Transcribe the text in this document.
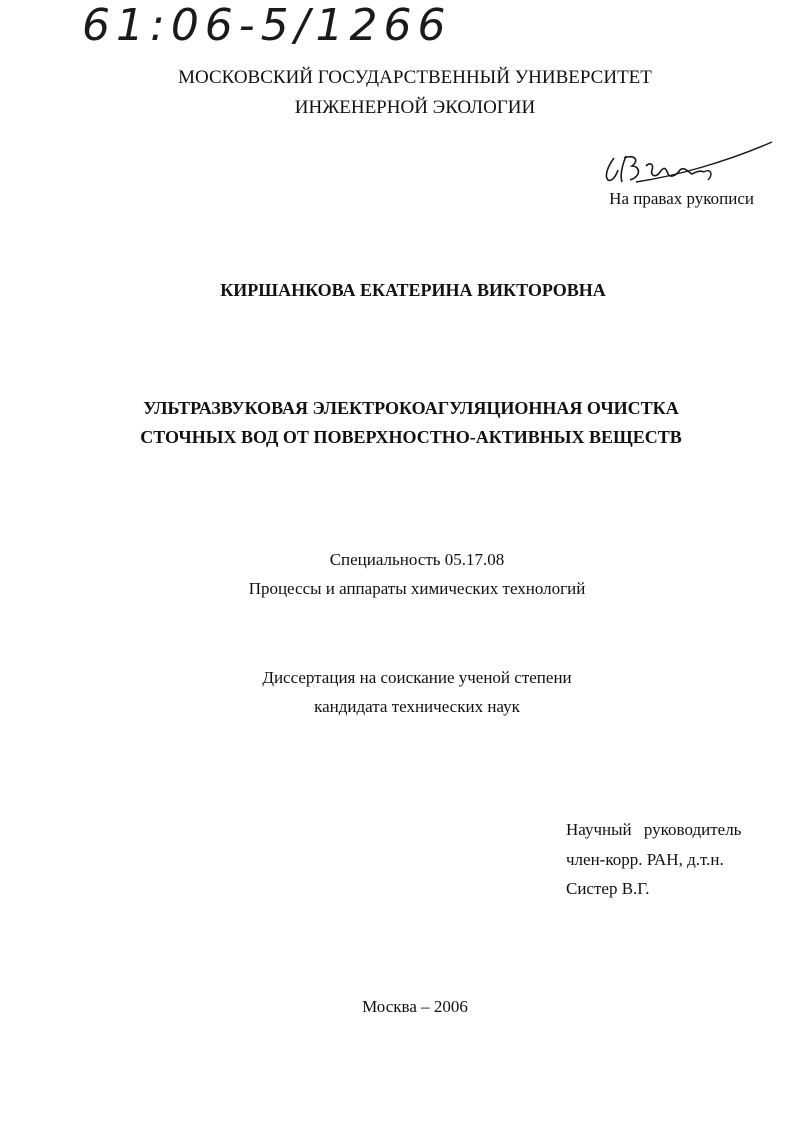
61:06-5/1266
МОСКОВСКИЙ ГОСУДАРСТВЕННЫЙ УНИВЕРСИТЕТ
ИНЖЕНЕРНОЙ ЭКОЛОГИИ
На правах рукописи
КИРШАНКОВА ЕКАТЕРИНА ВИКТОРОВНА
УЛЬТРАЗВУКОВАЯ ЭЛЕКТРОКОАГУЛЯЦИОННАЯ ОЧИСТКА
СТОЧНЫХ ВОД ОТ ПОВЕРХНОСТНО-АКТИВНЫХ ВЕЩЕСТВ
Специальность 05.17.08
Процессы и аппараты химических технологий
Диссертация на соискание ученой степени
кандидата технических наук
Научный руководитель
член-корр. РАН, д.т.н.
Систер В.Г.
Москва – 2006
